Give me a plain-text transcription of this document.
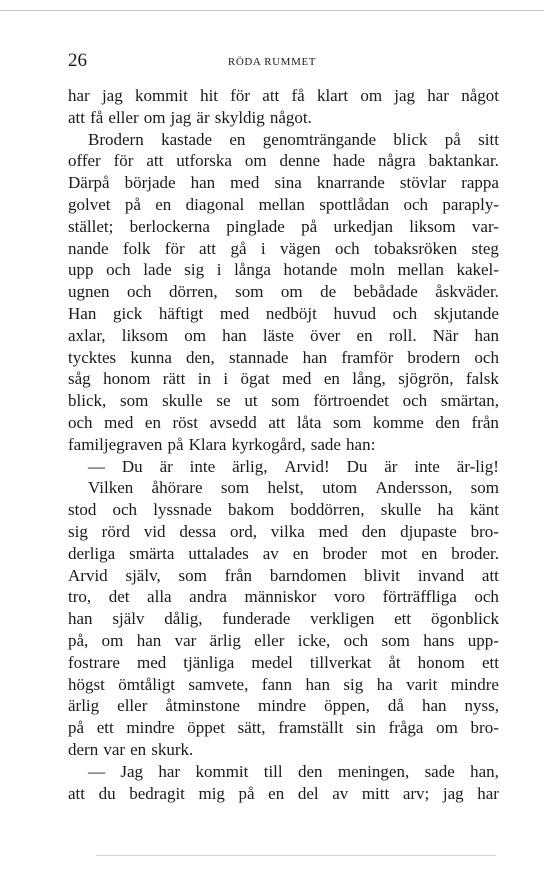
26	RÖDA RUMMET
har jag kommit hit för att få klart om jag har något
att få eller om jag är skyldig något.
Brodern kastade en genomträngande blick på sitt
offer för att utforska om denne hade några baktankar.
Därpå började han med sina knarrande stövlar rappa
golvet på en diagonal mellan spottlådan och paraply-
stället; berlockerna pinglade på urkedjan liksom var-
nande folk för att gå i vägen och tobaksröken steg
upp och lade sig i långa hotande moln mellan kakel-
ugnen och dörren, som om de bebådade åskväder.
Han gick häftigt med nedböjt huvud och skjutande
axlar, liksom om han läste över en roll. När han
tycktes kunna den, stannade han framför brodern och
såg honom rätt in i ögat med en lång, sjögrön, falsk
blick, som skulle se ut som förtroendet och smärtan,
och med en röst avsedd att låta som komme den från
familjegraven på Klara kyrkogård, sade han:
— Du är inte ärlig, Arvid! Du är inte är-lig!
Vilken åhörare som helst, utom Andersson, som
stod och lyssnade bakom boddörren, skulle ha känt
sig rörd vid dessa ord, vilka med den djupaste bro-
derliga smärta uttalades av en broder mot en broder.
Arvid själv, som från barndomen blivit invand att
tro, det alla andra människor voro förträffliga och
han själv dålig, funderade verkligen ett ögonblick
på, om han var ärlig eller icke, och som hans upp-
fostrare med tjänliga medel tillverkat åt honom ett
högst ömtåligt samvete, fann han sig ha varit mindre
ärlig eller åtminstone mindre öppen, då han nyss,
på ett mindre öppet sätt, framställt sin fråga om bro-
dern var en skurk.
— Jag har kommit till den meningen, sade han,
att du bedragit mig på en del av mitt arv; jag har
